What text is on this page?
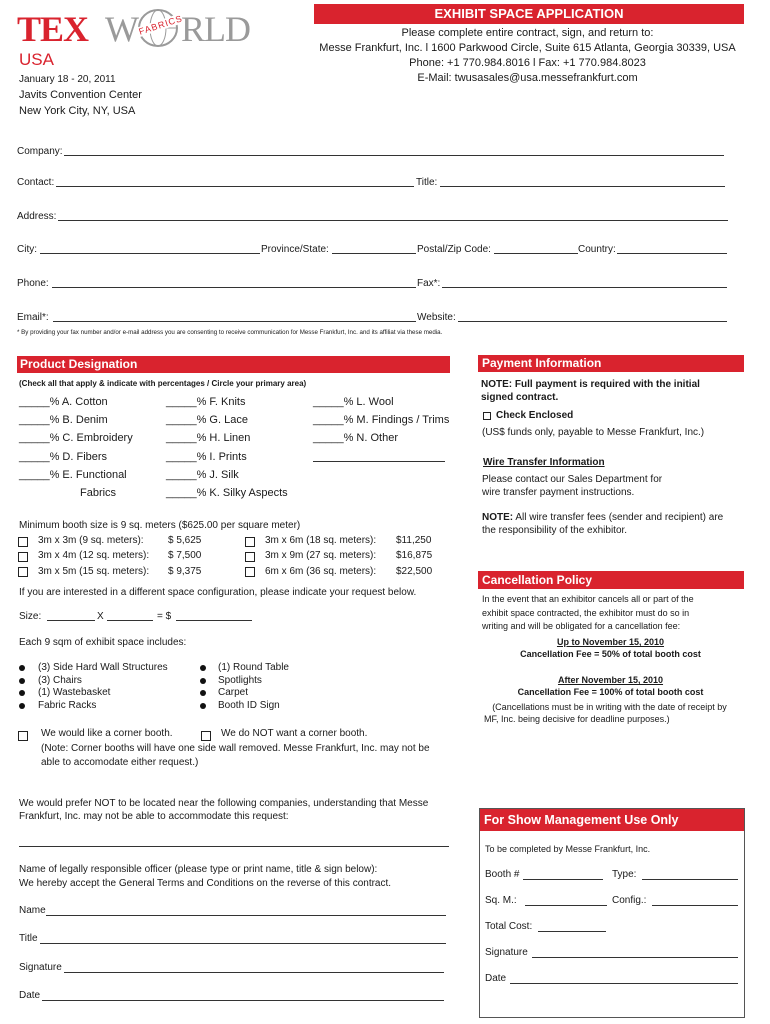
TEX W FABRICS
RLD
USA
January 18 - 20, 2011
Javits Convention Center
New York City, NY, USA
EXHIBIT SPACE APPLICATION
Please complete entire contract, sign, and return to:
Messe Frankfurt, Inc. l 1600 Parkwood Circle, Suite 615 Atlanta, Georgia 30339, USA
Phone: +1 770.984.8016 l Fax: +1 770.984.8023
E-Mail: twusasales@usa.messefrankfurt.com
Company:
Contact:	Title:
Address:
City:	Province/State:	Postal/Zip Code:	Country:
Phone:	Fax*:
Email*:	Website:
* By providing your fax number and/or e-mail address you are consenting to receive communication for Messe Frankfurt, Inc. and its affiliat via these media.
Product Designation
(Check all that apply & indicate with percentages / Circle your primary area)
_____% A. Cotton
_____% B. Denim
_____% C. Embroidery
_____% D. Fibers
_____% E. Functional
Fabrics
_____% F. Knits
_____% G. Lace
_____% H. Linen
_____% I. Prints
_____% J. Silk
_____% K. Silky Aspects
_____% L. Wool
_____% M. Findings / Trims
_____% N. Other
Minimum booth size is 9 sq. meters ($625.00 per square meter)
3m x 3m (9 sq. meters): $ 5,625
3m x 4m (12 sq. meters): $ 7,500
3m x 5m (15 sq. meters): $ 9,375
3m x 6m (18 sq. meters): $11,250
3m x 9m (27 sq. meters): $16,875
6m x 6m (36 sq. meters): $22,500
If you are interested in a different space configuration, please indicate your request below.
Size:	X	= $
Each 9 sqm of exhibit space includes:
(3) Side Hard Wall Structures
(3) Chairs
(1) Wastebasket
Fabric Racks
(1) Round Table
Spotlights
Carpet
Booth ID Sign
We would like a corner booth.	We do NOT want a corner booth.
(Note: Corner booths will have one side wall removed. Messe Frankfurt, Inc. may not be
able to accomodate either request.)
We would prefer NOT to be located near the following companies, understanding that Messe
Frankfurt, Inc. may not be able to accommodate this request:
Name of legally responsible officer (please type or print name, title & sign below):
We hereby accept the General Terms and Conditions on the reverse of this contract.
Name
Title
Signature
Date
Payment Information
NOTE: Full payment is required with the initial
signed contract.
Check Enclosed
(US$ funds only, payable to Messe Frankfurt, Inc.)
Wire Transfer Information
Please contact our Sales Department for
wire transfer payment instructions.
NOTE: All wire transfer fees (sender and recipient) are
the responsibility of the exhibitor.
Cancellation Policy
In the event that an exhibitor cancels all or part of the
exhibit space contracted, the exhibitor must do so in
writing and will be obligated for a cancellation fee:
Up to November 15, 2010
Cancellation Fee = 50% of total booth cost
After November 15, 2010
Cancellation Fee = 100% of total booth cost
(Cancellations must be in writing with the date of receipt by
MF, Inc. being decisive for deadline purposes.)
For Show Management Use Only
To be completed by Messe Frankfurt, Inc.
Booth #	Type:
Sq. M.:	Config.:
Total Cost:
Signature
Date
